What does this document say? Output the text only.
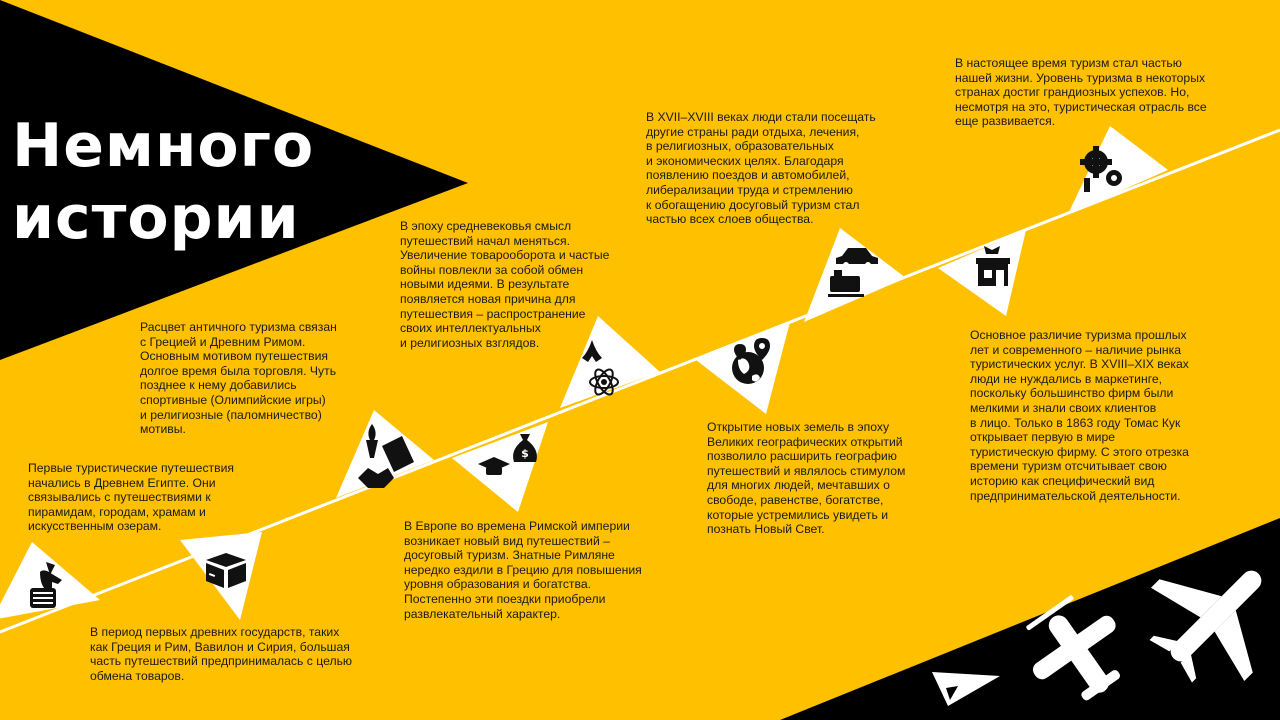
$
Немного
истории
Первые туристические путешествия
начались в Древнем Египте. Они
связывались с путешествиями к
пирамидам, городам, храмам и
искусственным озерам.
В период первых древних государств, таких
как Греция и Рим, Вавилон и Сирия, большая
часть путешествий предпринималась с целью
обмена товаров.
Расцвет античного туризма связан
с Грецией и Древним Римом.
Основным мотивом путешествия
долгое время была торговля. Чуть
позднее к нему добавились
спортивные (Олимпийские игры)
и религиозные (паломничество)
мотивы.
В Европе во времена Римской империи
возникает новый вид путешествий –
досуговый туризм. Знатные Римляне
нередко ездили в Грецию для повышения
уровня образования и богатства.
Постепенно эти поездки приобрели
развлекательный характер.
В эпоху средневековья смысл
путешествий начал меняться.
Увеличение товарооборота и частые
войны повлекли за собой обмен
новыми идеями. В результате
появляется новая причина для
путешествия – распространение
своих интеллектуальных
и религиозных взглядов.
Открытие новых земель в эпоху
Великих географических открытий
позволило расширить географию
путешествий и являлось стимулом
для многих людей, мечтавших о
свободе, равенстве, богатстве,
которые устремились увидеть и
познать Новый Свет.
В XVII–XVIII веках люди стали посещать
другие страны ради отдыха, лечения,
в религиозных, образовательных
и экономических целях. Благодаря
появлению поездов и автомобилей,
либерализации труда и стремлению
к обогащению досуговый туризм стал
частью всех слоев общества.
Основное различие туризма прошлых
лет и современного – наличие рынка
туристических услуг. В XVIII–XIX веках
люди не нуждались в маркетинге,
поскольку большинство фирм были
мелкими и знали своих клиентов
в лицо. Только в 1863 году Томас Кук
открывает первую в мире
туристическую фирму. С этого отрезка
времени туризм отсчитывает свою
историю как специфический вид
предпринимательской деятельности.
В настоящее время туризм стал частью
нашей жизни. Уровень туризма в некоторых
странах достиг грандиозных успехов. Но,
несмотря на это, туристическая отрасль все
еще развивается.
